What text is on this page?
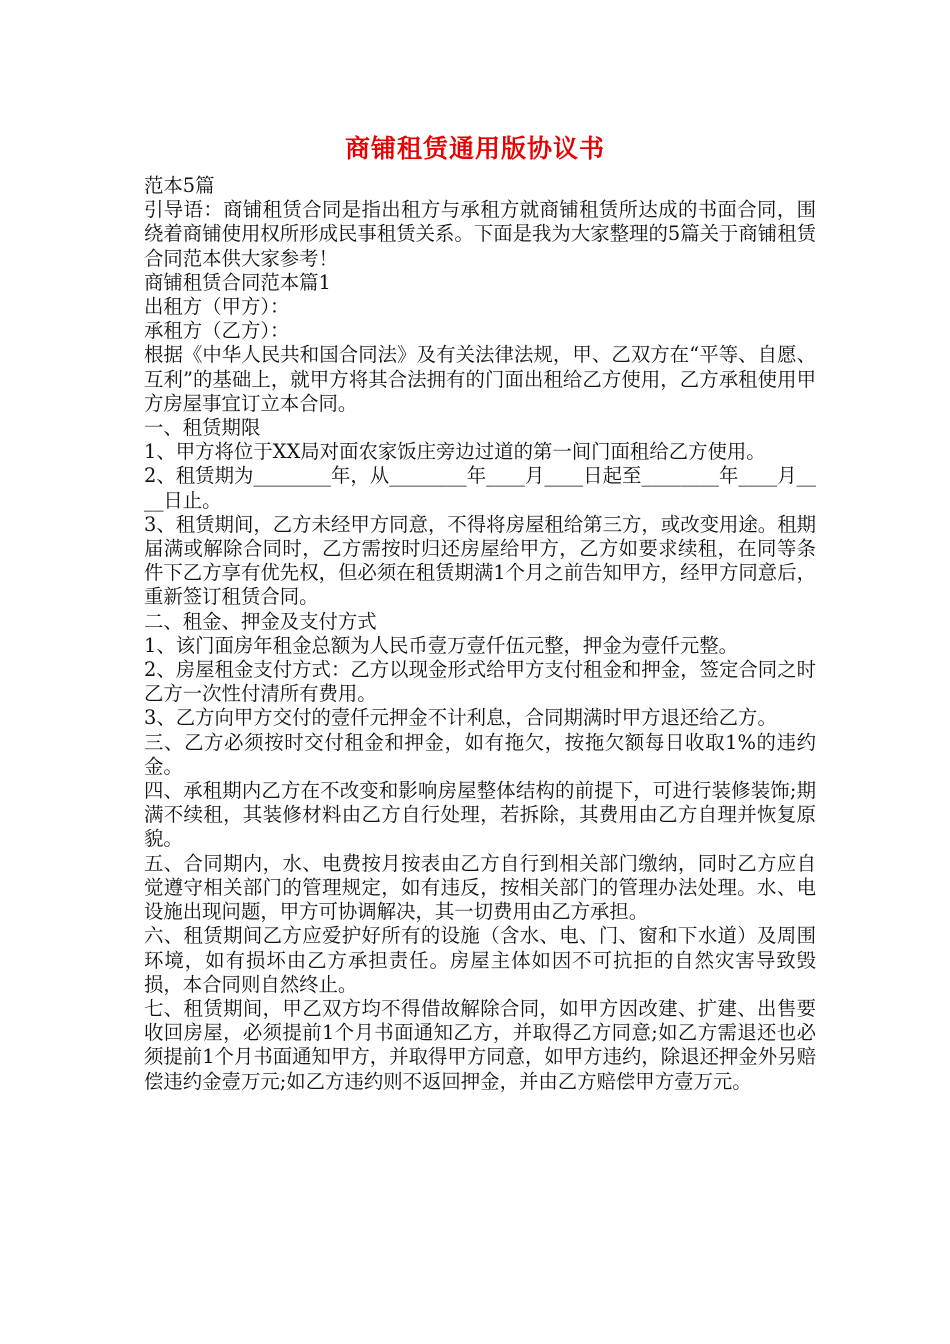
商铺租赁通用版协议书

范本5篇

引导语：商铺租赁合同是指出租方与承租方就商铺租赁所达成的书面合同，围绕着商铺使用权所形成民事租赁关系。下面是我为大家整理的5篇关于商铺租赁合同范本供大家参考！

商铺租赁合同范本篇1

出租方（甲方）：

承租方（乙方）：

根据《中华人民共和国合同法》及有关法律法规，甲、乙双方在“平等、自愿、互利”的基础上，就甲方将其合法拥有的门面出租给乙方使用，乙方承租使用甲方房屋事宜订立本合同。

一、租赁期限

1、甲方将位于XX局对面农家饭庄旁边过道的第一间门面租给乙方使用。

2、租赁期为________年，从________年____月____日起至________年____月____日止。

3、租赁期间，乙方未经甲方同意，不得将房屋租给第三方，或改变用途。租期届满或解除合同时，乙方需按时归还房屋给甲方，乙方如要求续租，在同等条件下乙方享有优先权，但必须在租赁期满1个月之前告知甲方，经甲方同意后，重新签订租赁合同。

二、租金、押金及支付方式

1、该门面房年租金总额为人民币壹万壹仟伍元整，押金为壹仟元整。

2、房屋租金支付方式：乙方以现金形式给甲方支付租金和押金，签定合同之时乙方一次性付清所有费用。

3、乙方向甲方交付的壹仟元押金不计利息，合同期满时甲方退还给乙方。

三、乙方必须按时交付租金和押金，如有拖欠，按拖欠额每日收取1%的违约金。

四、承租期内乙方在不改变和影响房屋整体结构的前提下，可进行装修装饰;期满不续租，其装修材料由乙方自行处理，若拆除，其费用由乙方自理并恢复原貌。

五、合同期内，水、电费按月按表由乙方自行到相关部门缴纳，同时乙方应自觉遵守相关部门的管理规定，如有违反，按相关部门的管理办法处理。水、电设施出现问题，甲方可协调解决，其一切费用由乙方承担。

六、租赁期间乙方应爱护好所有的设施（含水、电、门、窗和下水道）及周围环境，如有损坏由乙方承担责任。房屋主体如因不可抗拒的自然灾害导致毁损，本合同则自然终止。

七、租赁期间，甲乙双方均不得借故解除合同，如甲方因改建、扩建、出售要收回房屋，必须提前1个月书面通知乙方，并取得乙方同意;如乙方需退还也必须提前1个月书面通知甲方，并取得甲方同意，如甲方违约，除退还押金外另赔偿违约金壹万元;如乙方违约则不返回押金，并由乙方赔偿甲方壹万元。
